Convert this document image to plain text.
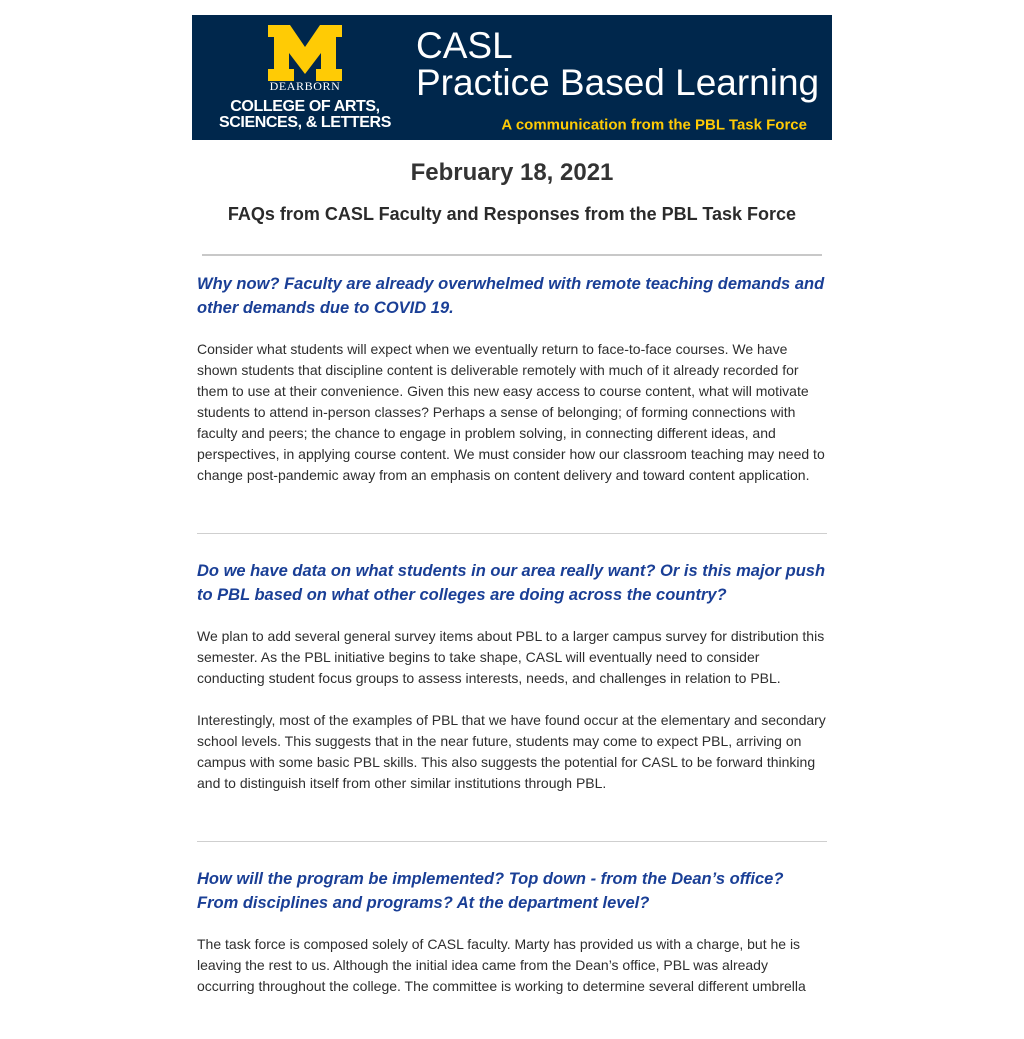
DEARBORN
COLLEGE OF ARTS,
SCIENCES, & LETTERS
CASL
Practice Based Learning
A communication from the PBL Task Force
February 18, 2021
FAQs from CASL Faculty and Responses from the PBL Task Force

Why now? Faculty are already overwhelmed with remote teaching demands and other demands due to COVID 19.

Consider what students will expect when we eventually return to face-to-face courses. We have shown students that discipline content is deliverable remotely with much of it already recorded for them to use at their convenience. Given this new easy access to course content, what will motivate students to attend in-person classes? Perhaps a sense of belonging; of forming connections with faculty and peers; the chance to engage in problem solving, in connecting different ideas, and perspectives, in applying course content. We must consider how our classroom teaching may need to change post-pandemic away from an emphasis on content delivery and toward content application.

Do we have data on what students in our area really want? Or is this major push to PBL based on what other colleges are doing across the country?

We plan to add several general survey items about PBL to a larger campus survey for distribution this semester. As the PBL initiative begins to take shape, CASL will eventually need to consider conducting student focus groups to assess interests, needs, and challenges in relation to PBL.

Interestingly, most of the examples of PBL that we have found occur at the elementary and secondary school levels. This suggests that in the near future, students may come to expect PBL, arriving on campus with some basic PBL skills. This also suggests the potential for CASL to be forward thinking and to distinguish itself from other similar institutions through PBL.

How will the program be implemented? Top down - from the Dean’s office? From disciplines and programs? At the department level?

The task force is composed solely of CASL faculty. Marty has provided us with a charge, but he is leaving the rest to us. Although the initial idea came from the Dean’s office, PBL was already occurring throughout the college. The committee is working to determine several different umbrella
